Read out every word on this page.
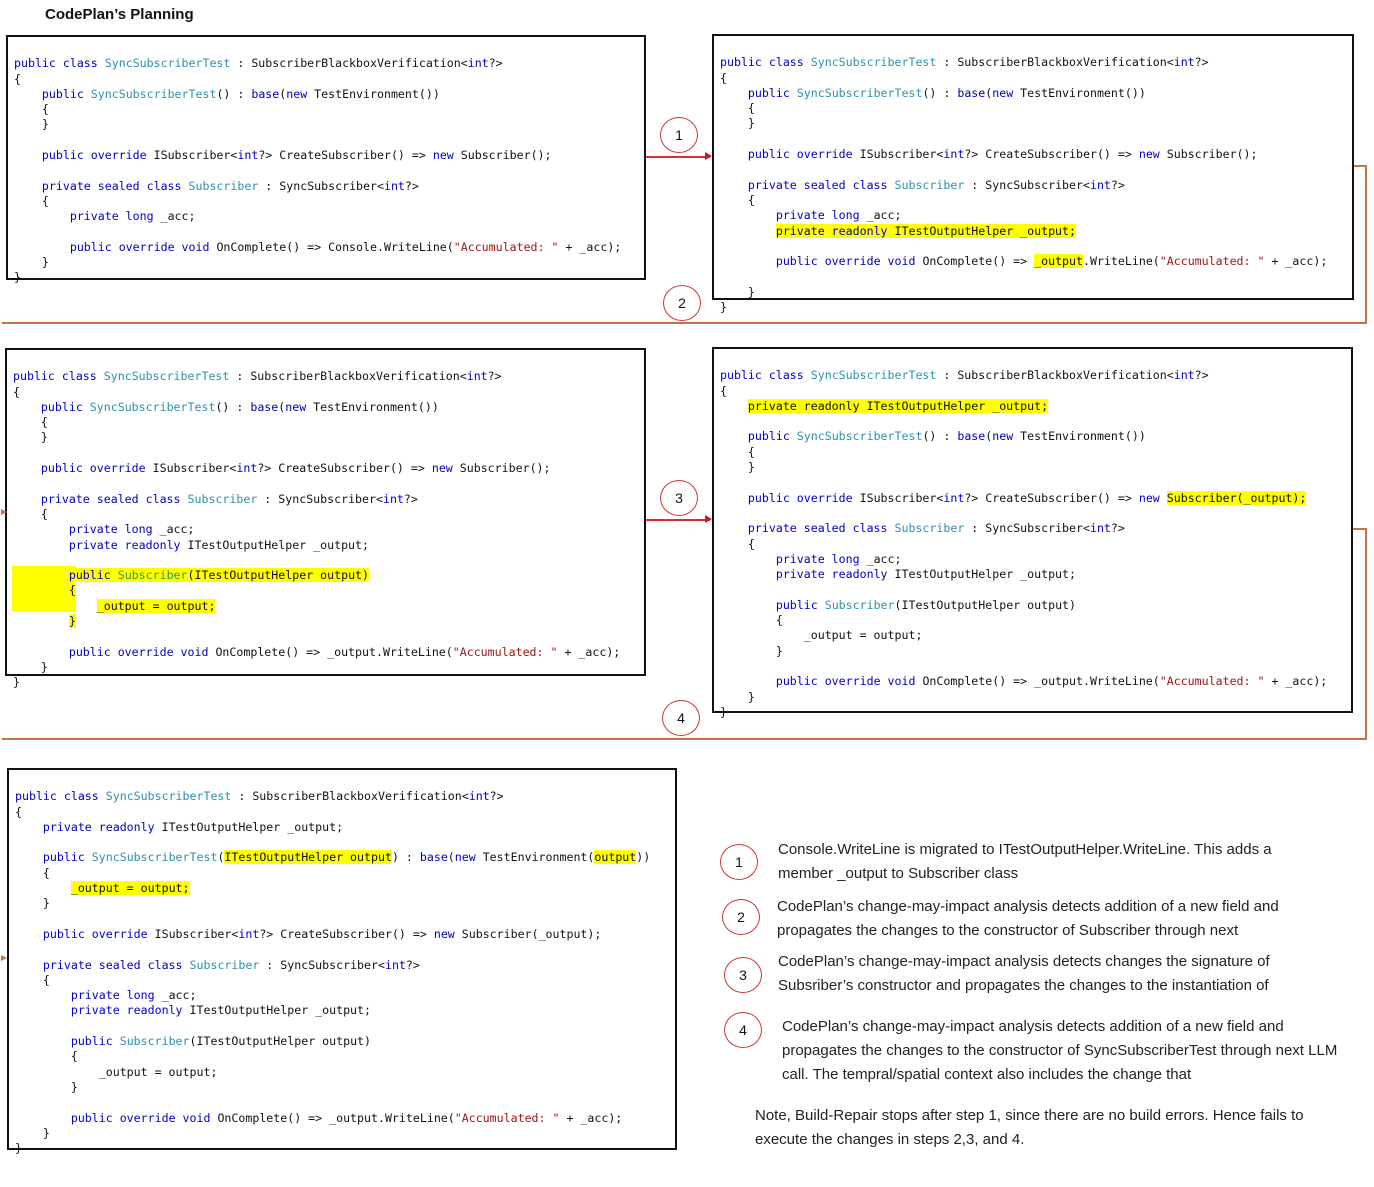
CodePlan’s Planning

public class SyncSubscriberTest : SubscriberBlackboxVerification<int?>
{
public SyncSubscriberTest() : base(new TestEnvironment())
{
}

public override ISubscriber<int?> CreateSubscriber() => new Subscriber();

private sealed class Subscriber : SyncSubscriber<int?>
{
private long _acc;

public override void OnComplete() => Console.WriteLine("Accumulated: " + _acc);
}
}

public class SyncSubscriberTest : SubscriberBlackboxVerification<int?>
{
public SyncSubscriberTest() : base(new TestEnvironment())
{
}

public override ISubscriber<int?> CreateSubscriber() => new Subscriber();

private sealed class Subscriber : SyncSubscriber<int?>
{
private long _acc;
private readonly ITestOutputHelper _output;

public override void OnComplete() => _output.WriteLine("Accumulated: " + _acc);

}
}

public class SyncSubscriberTest : SubscriberBlackboxVerification<int?>
{
public SyncSubscriberTest() : base(new TestEnvironment())
{
}

public override ISubscriber<int?> CreateSubscriber() => new Subscriber();

private sealed class Subscriber : SyncSubscriber<int?>
{
private long _acc;
private readonly ITestOutputHelper _output;

public Subscriber(ITestOutputHelper output)
{
_output = output;
}

public override void OnComplete() => _output.WriteLine("Accumulated: " + _acc);
}
}

public class SyncSubscriberTest : SubscriberBlackboxVerification<int?>
{
private readonly ITestOutputHelper _output;

public SyncSubscriberTest() : base(new TestEnvironment())
{
}

public override ISubscriber<int?> CreateSubscriber() => new Subscriber(_output);

private sealed class Subscriber : SyncSubscriber<int?>
{
private long _acc;
private readonly ITestOutputHelper _output;

public Subscriber(ITestOutputHelper output)
{
_output = output;
}

public override void OnComplete() => _output.WriteLine("Accumulated: " + _acc);
}
}

public class SyncSubscriberTest : SubscriberBlackboxVerification<int?>
{
private readonly ITestOutputHelper _output;

public SyncSubscriberTest(ITestOutputHelper output) : base(new TestEnvironment(output))
{
_output = output;
}

public override ISubscriber<int?> CreateSubscriber() => new Subscriber(_output);

private sealed class Subscriber : SyncSubscriber<int?>
{
private long _acc;
private readonly ITestOutputHelper _output;

public Subscriber(ITestOutputHelper output)
{
_output = output;
}

public override void OnComplete() => _output.WriteLine("Accumulated: " + _acc);
}
}

1
2
3
4
1
Console.WriteLine is migrated to ITestOutputHelper.WriteLine. This adds a member _output to Subscriber class
2
CodePlan’s change-may-impact analysis detects addition of a new field and propagates the changes to the constructor of Subscriber through next
3
CodePlan’s change-may-impact analysis detects changes the signature of Subsriber’s constructor and propagates the changes to the instantiation of
4 CodePlan’s change-may-impact analysis detects addition of a new field and propagates the changes to the constructor of SyncSubscriberTest through next LLM call. The tempral/spatial context also includes the change that
Note, Build-Repair stops after step 1, since there are no build errors. Hence fails to execute the changes in steps 2,3, and 4.
